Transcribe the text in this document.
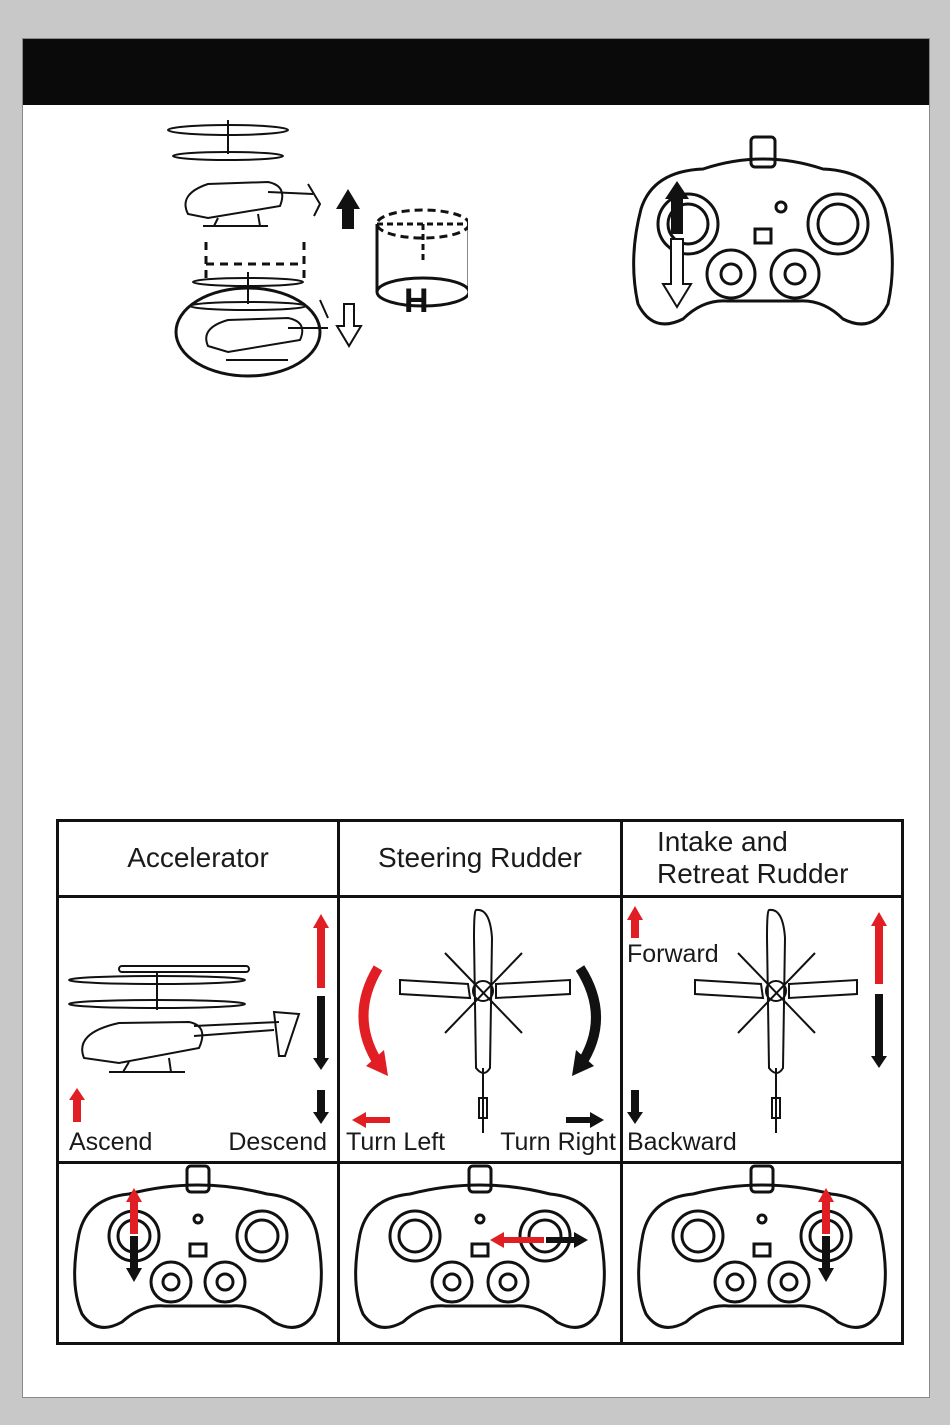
H
Accelerator	Steering Rudder
Intake and
Retreat Rudder
Ascend	Descend Turn Left Turn Right
Forward
Backward
